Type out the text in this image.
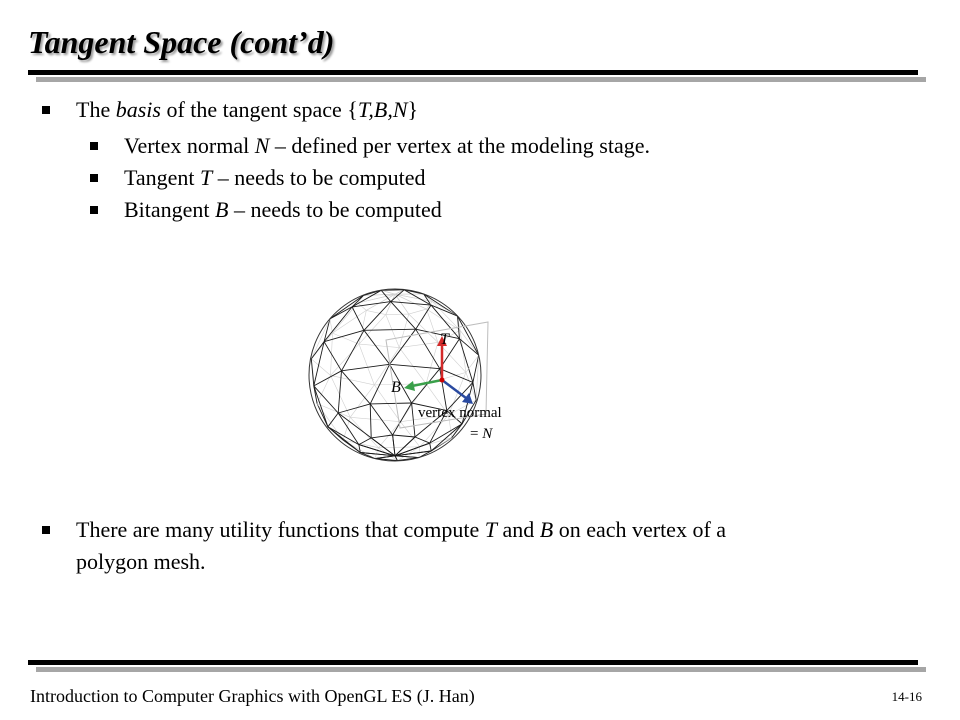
Tangent Space (cont’d)
The basis of the tangent space {T,B,N}
Vertex normal N – defined per vertex at the modeling stage.
Tangent T – needs to be computed
Bitangent B – needs to be computed
There are many utility functions that compute T and B on each vertex of a
polygon mesh.
T
B
vertex normal
= N
Introduction to Computer Graphics with OpenGL ES (J. Han)	14-16
